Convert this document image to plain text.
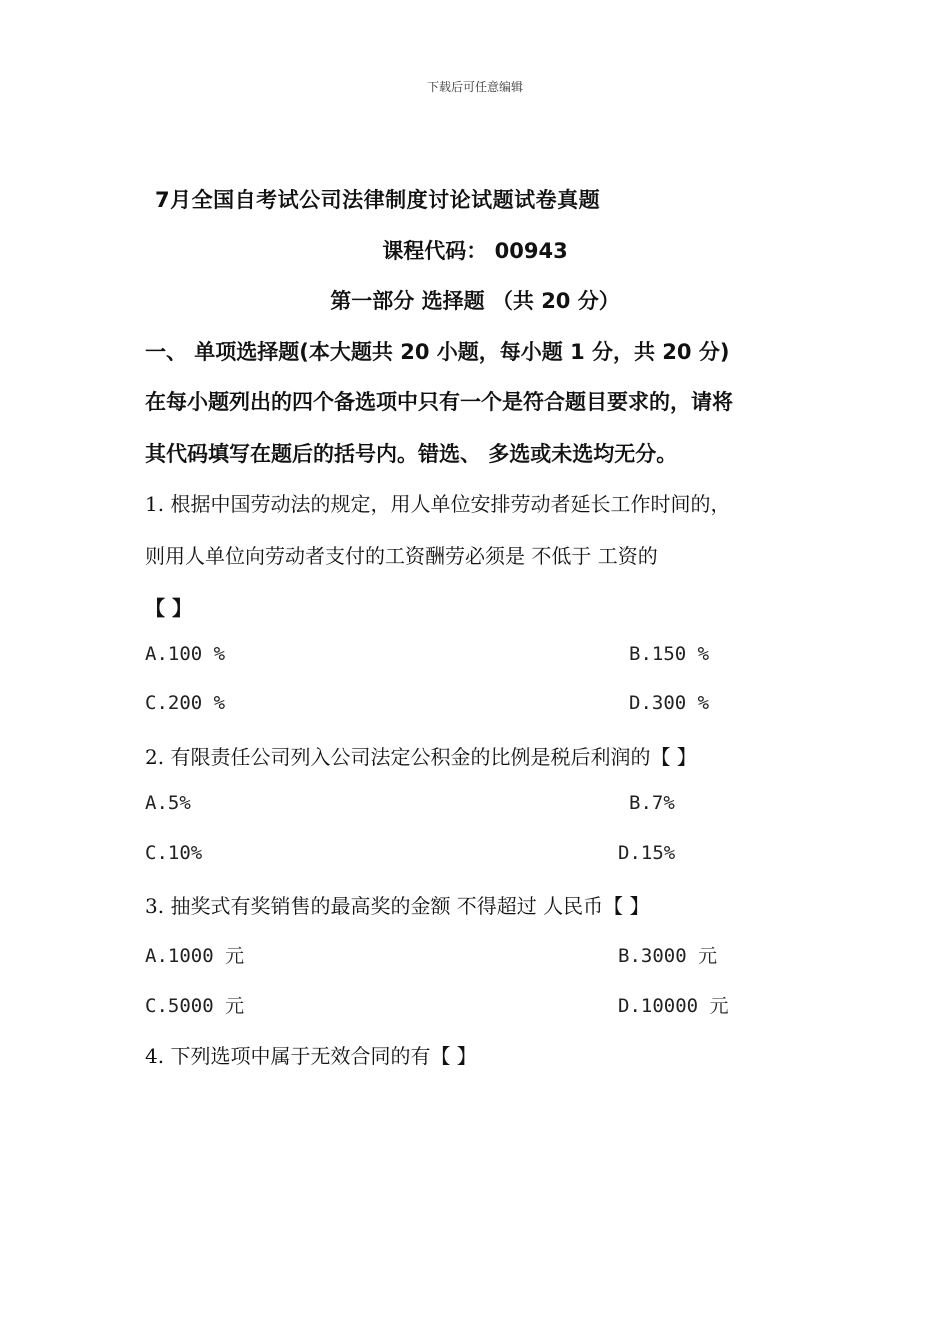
下载后可任意编辑
7月全国自考试公司法律制度讨论试题试卷真题
课程代码： 00943
第一部分 选择题 （共 20 分）
一、 单项选择题(本大题共 20 小题，每小题 1 分，共 20 分)
在每小题列出的四个备选项中只有一个是符合题目要求的，请将
其代码填写在题后的括号内。错选、 多选或未选均无分。
1. 根据中国劳动法的规定，用人单位安排劳动者延长工作时间的，
则用人单位向劳动者支付的工资酬劳必须是 不低于 工资的
【 】
A.100 %	B.150 %
C.200 %	D.300 %
2. 有限责任公司列入公司法定公积金的比例是税后利润的【 】
A.5%	B.7%
C.10%	D.15%
3. 抽奖式有奖销售的最高奖的金额 不得超过 人民币【 】
A.1000 元	B.3000 元
C.5000 元	D.10000 元
4. 下列选项中属于无效合同的有【 】
